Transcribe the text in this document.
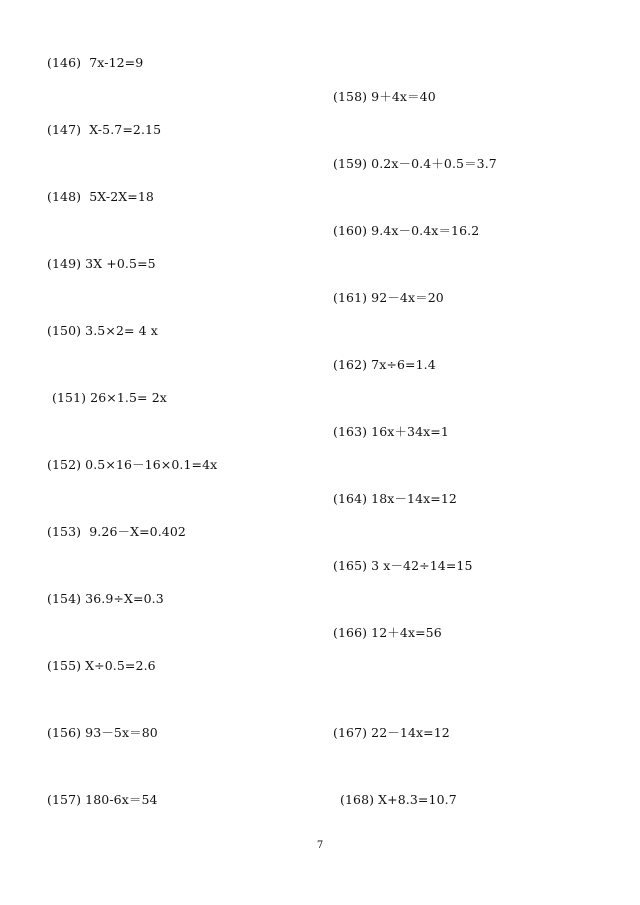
(146)  7x-12=9
(147)  X-5.7=2.15
(148)  5X-2X=18
(149) 3X +0.5=5
(150) 3.5×2= 4 x
(151) 26×1.5= 2x
(152) 0.5×16－16×0.1=4x
(153)  9.26－X=0.402
(154) 36.9÷X=0.3
(155) X÷0.5=2.6
(156) 93－5x＝80
(157) 180-6x＝54
(158) 9＋4x＝40
(159) 0.2x－0.4＋0.5＝3.7
(160) 9.4x－0.4x＝16.2
(161) 92－4x＝20
(162) 7x÷6=1.4
(163) 16x＋34x=1
(164) 18x－14x=12
(165) 3 x－42÷14=15
(166) 12＋4x=56
(167) 22－14x=12
(168) X+8.3=10.7
7
